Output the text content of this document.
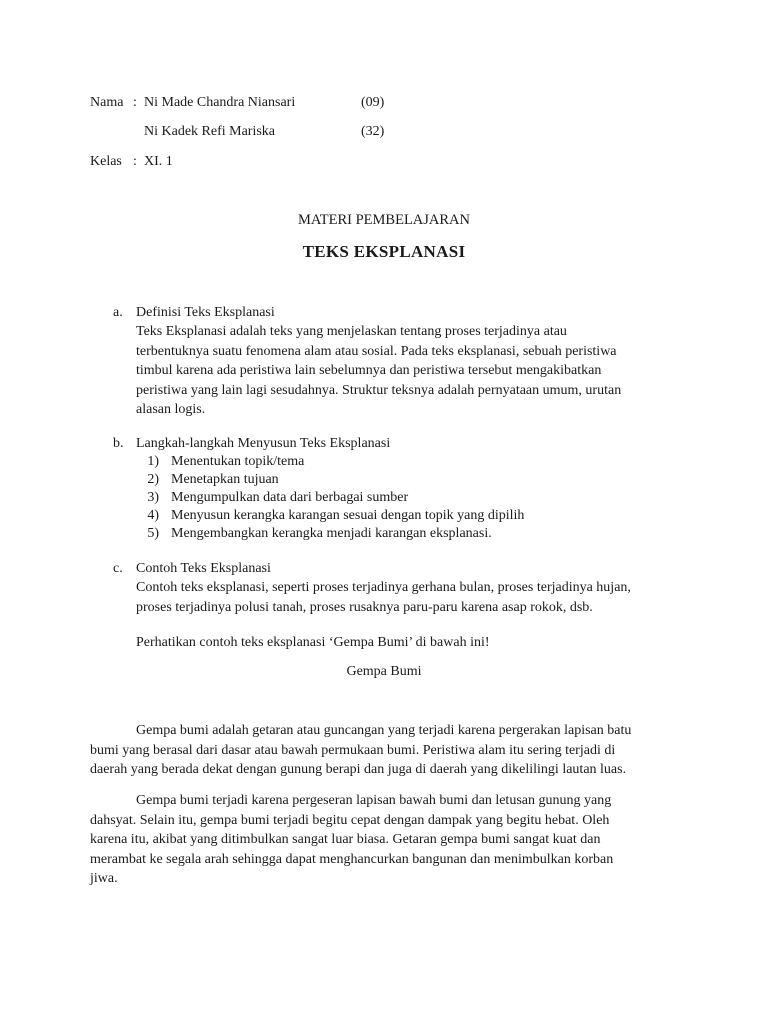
Nama : Ni Made Chandra Niansari	(09)
Ni Kadek Refi Mariska	(32)
Kelas : XI. 1
MATERI PEMBELAJARAN
TEKS EKSPLANASI
a. Definisi Teks Eksplanasi
Teks Eksplanasi adalah teks yang menjelaskan tentang proses terjadinya atau
terbentuknya suatu fenomena alam atau sosial. Pada teks eksplanasi, sebuah peristiwa
timbul karena ada peristiwa lain sebelumnya dan peristiwa tersebut mengakibatkan
peristiwa yang lain lagi sesudahnya. Struktur teksnya adalah pernyataan umum, urutan
alasan logis.
b. Langkah-langkah Menyusun Teks Eksplanasi
1) Menentukan topik/tema
2) Menetapkan tujuan
3) Mengumpulkan data dari berbagai sumber
4) Menyusun kerangka karangan sesuai dengan topik yang dipilih
5) Mengembangkan kerangka menjadi karangan eksplanasi.
c. Contoh Teks Eksplanasi
Contoh teks eksplanasi, seperti proses terjadinya gerhana bulan, proses terjadinya hujan,
proses terjadinya polusi tanah, proses rusaknya paru-paru karena asap rokok, dsb.
Perhatikan contoh teks eksplanasi ‘Gempa Bumi’ di bawah ini!
Gempa Bumi
Gempa bumi adalah getaran atau guncangan yang terjadi karena pergerakan lapisan batu
bumi yang berasal dari dasar atau bawah permukaan bumi. Peristiwa alam itu sering terjadi di
daerah yang berada dekat dengan gunung berapi dan juga di daerah yang dikelilingi lautan luas.
Gempa bumi terjadi karena pergeseran lapisan bawah bumi dan letusan gunung yang
dahsyat. Selain itu, gempa bumi terjadi begitu cepat dengan dampak yang begitu hebat. Oleh
karena itu, akibat yang ditimbulkan sangat luar biasa. Getaran gempa bumi sangat kuat dan
merambat ke segala arah sehingga dapat menghancurkan bangunan dan menimbulkan korban
jiwa.
